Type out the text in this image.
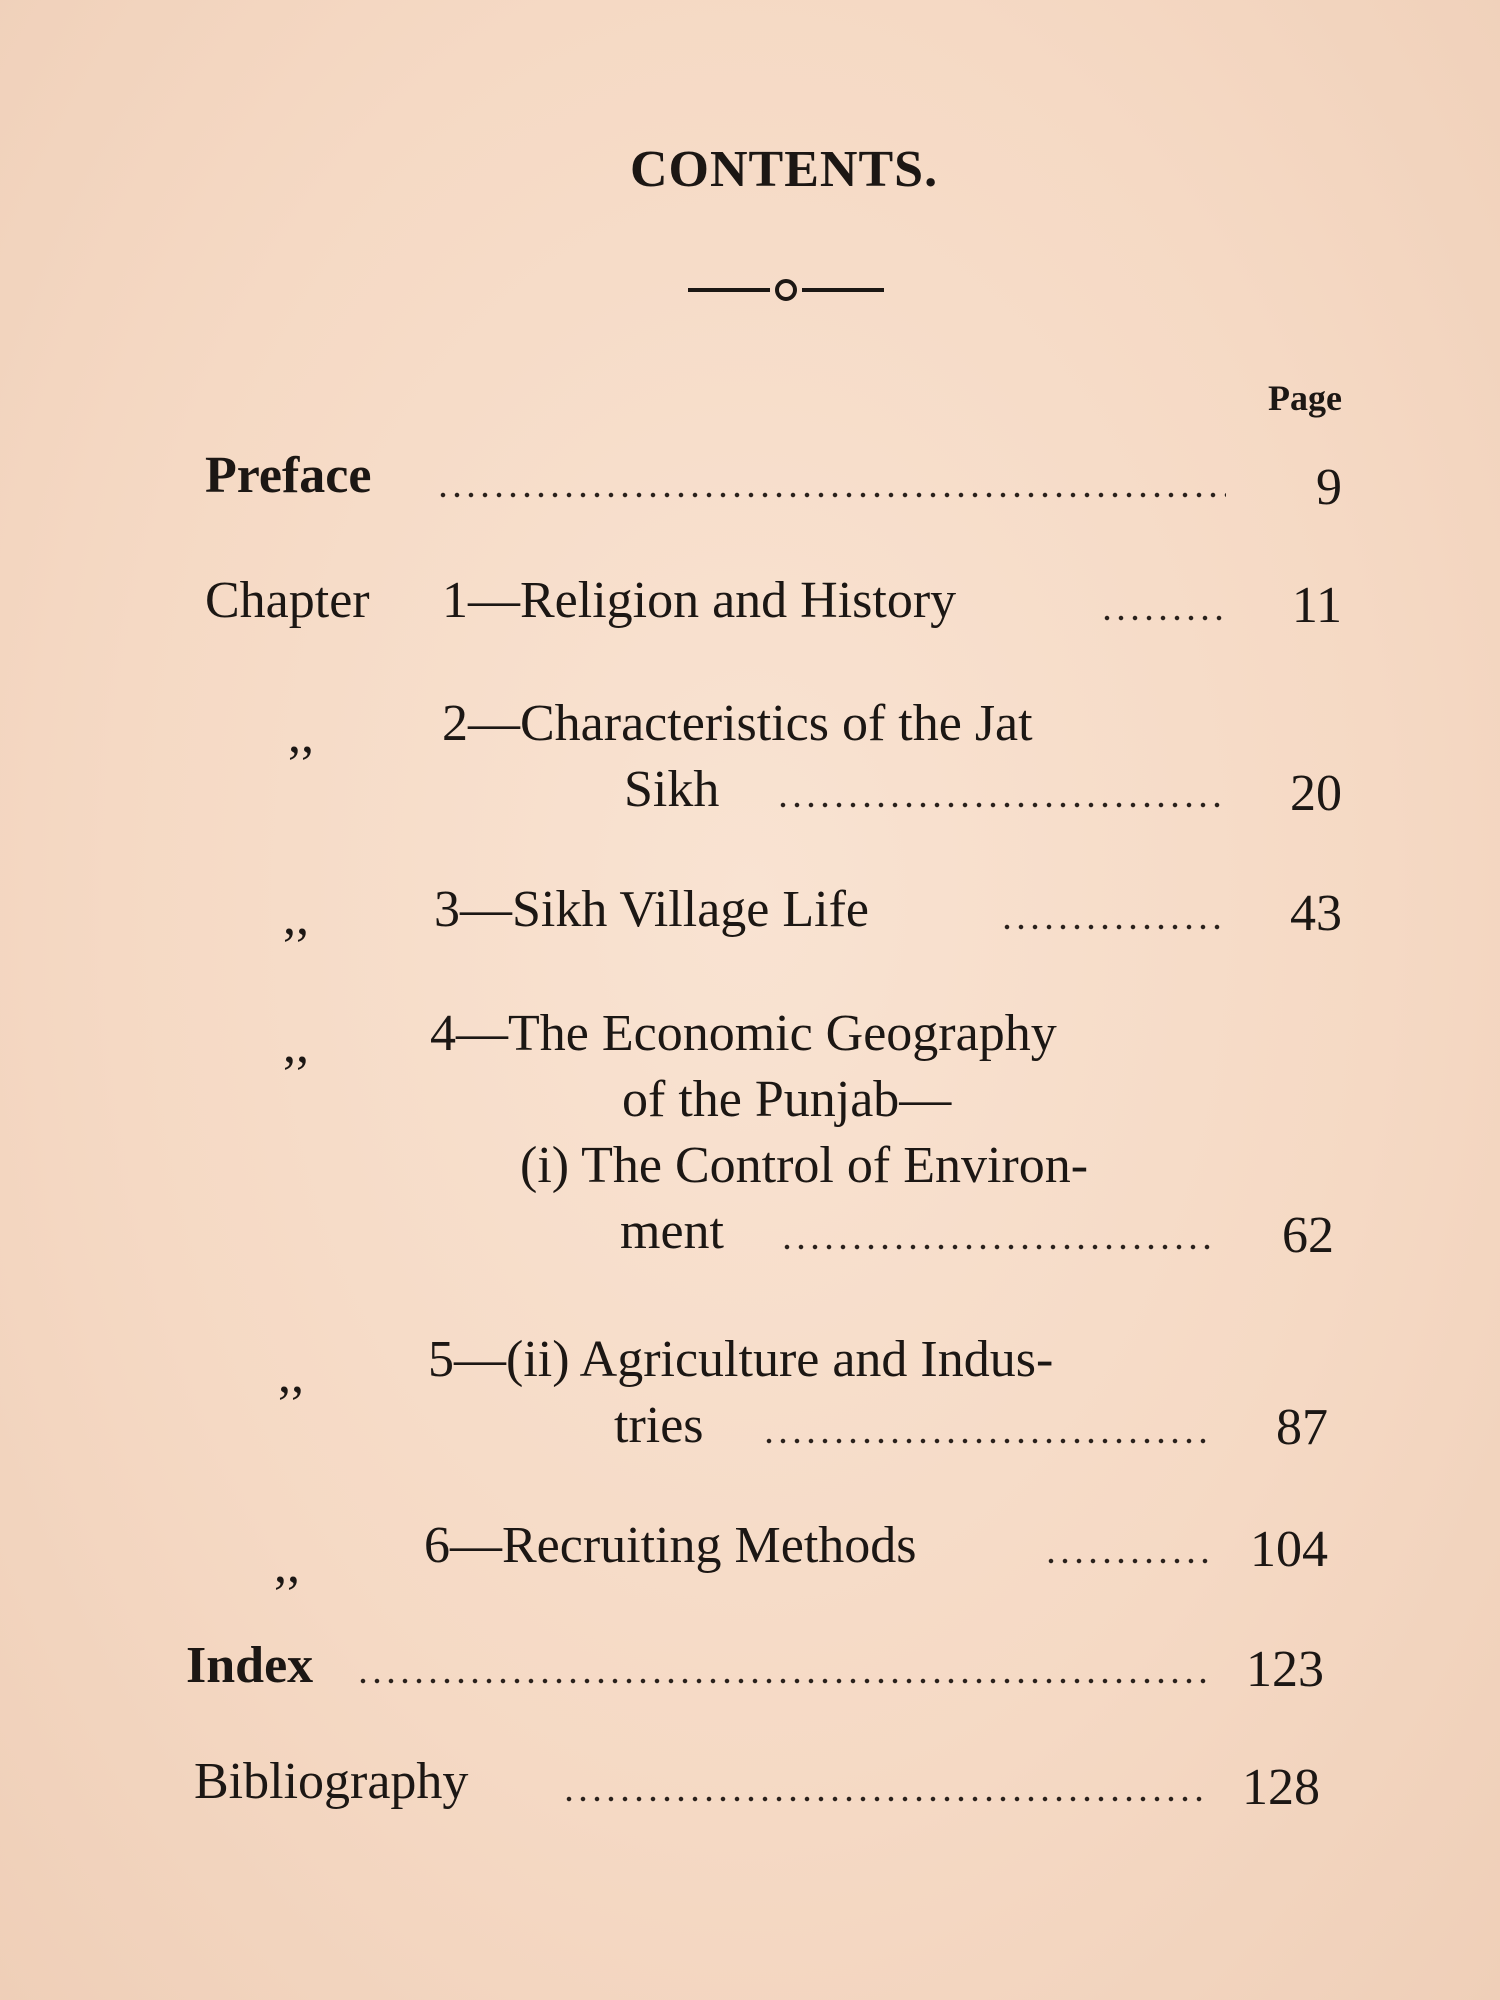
CONTENTS.
Page
Preface	9
Chapter 1—Religion and History	11
,, 2—Characteristics of the Jat
Sikh	20
,, 3—Sikh Village Life	43
,, 4—The Economic Geography
of the Punjab—
(i) The Control of Environ-
ment	62
,, 5—(ii) Agriculture and Indus-
tries	87
,, 6—Recruiting Methods	104
Index	123
Bibliography	128
